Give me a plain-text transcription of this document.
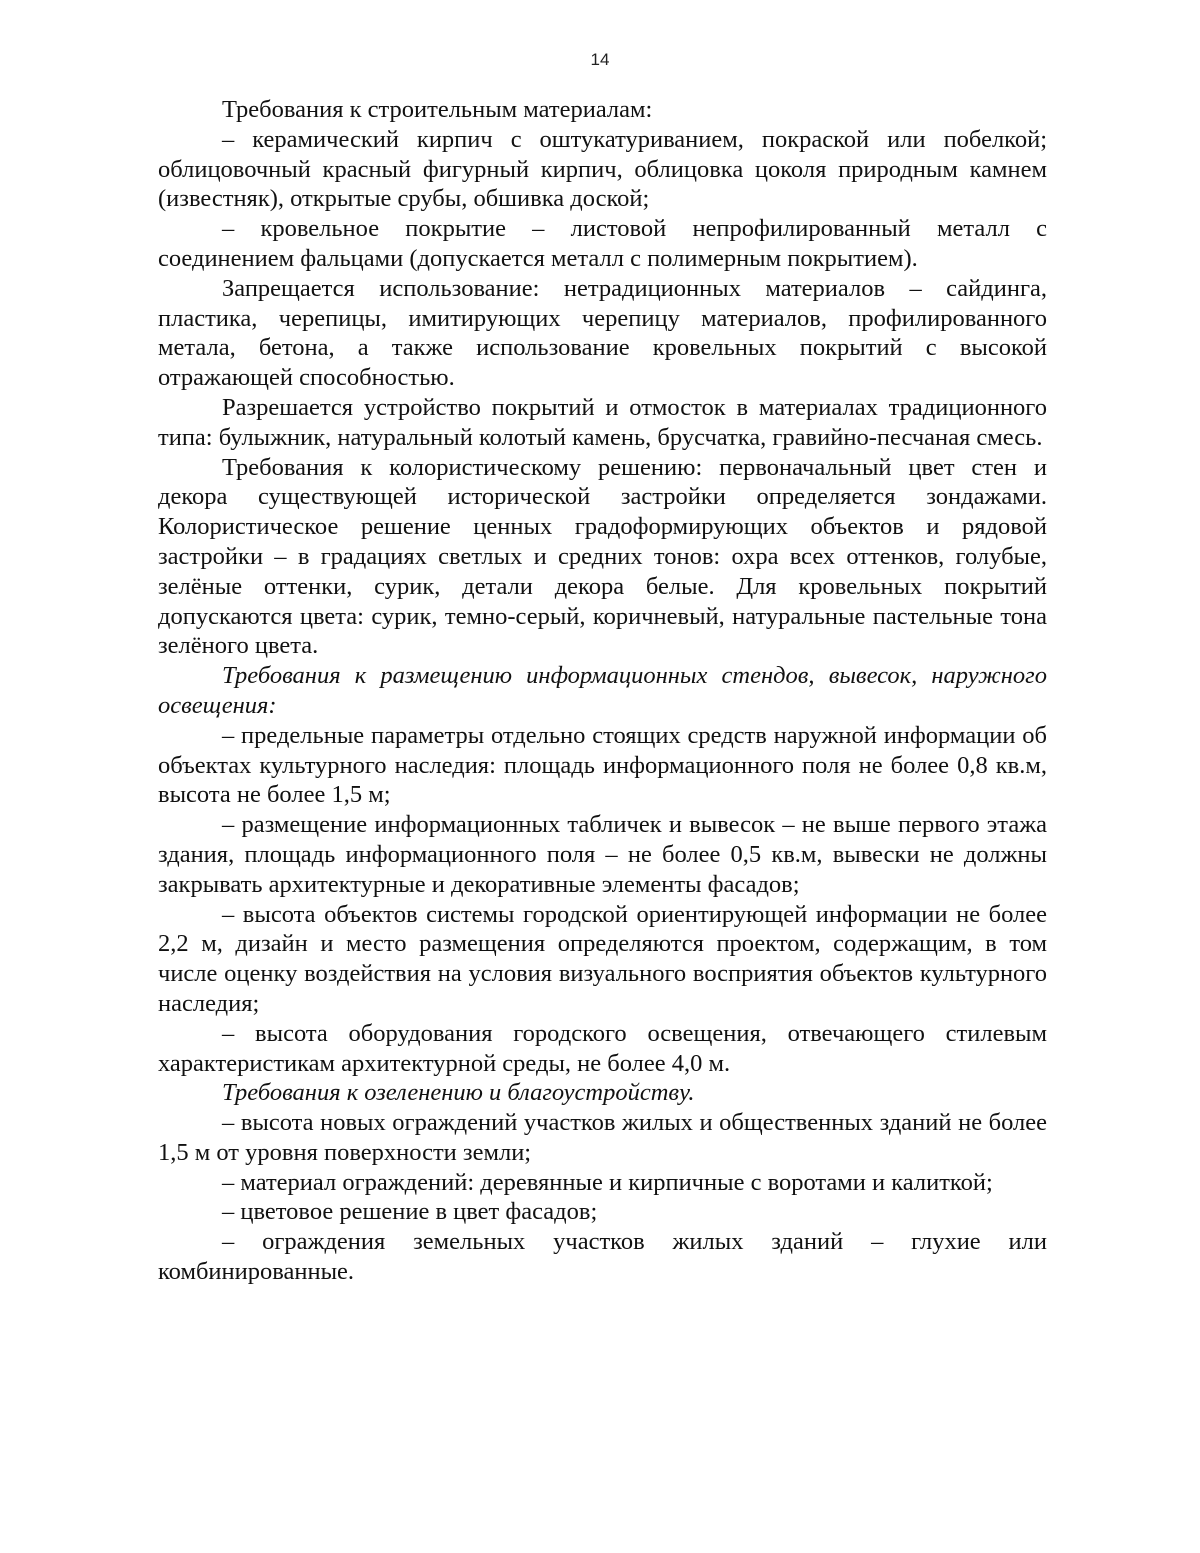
14

Требования к строительным материалам:

– керамический кирпич с оштукатуриванием, покраской или побелкой; облицовочный красный фигурный кирпич, облицовка цоколя природным камнем (известняк), открытые срубы, обшивка доской;

– кровельное покрытие – листовой непрофилированный металл с соединением фальцами (допускается металл с полимерным покрытием).

Запрещается использование: нетрадиционных материалов – сайдинга, пластика, черепицы, имитирующих черепицу материалов, профилированного метала, бетона, а также использование кровельных покрытий с высокой отражающей способностью.

Разрешается устройство покрытий и отмосток в материалах традиционного типа: булыжник, натуральный колотый камень, брусчатка, гравийно-песчаная смесь.

Требования к колористическому решению: первоначальный цвет стен и декора существующей исторической застройки определяется зондажами. Колористическое решение ценных градоформирующих объектов и рядовой застройки – в градациях светлых и средних тонов: охра всех оттенков, голубые, зелёные оттенки, сурик, детали декора белые. Для кровельных покрытий допускаются цвета: сурик, темно-серый, коричневый, натуральные пастельные тона зелёного цвета.

Требования к размещению информационных стендов, вывесок, наружного освещения:

– предельные параметры отдельно стоящих средств наружной информации об объектах культурного наследия: площадь информационного поля не более 0,8 кв.м, высота не более 1,5 м;

– размещение информационных табличек и вывесок – не выше первого этажа здания, площадь информационного поля – не более 0,5 кв.м, вывески не должны закрывать архитектурные и декоративные элементы фасадов;

– высота объектов системы городской ориентирующей информации не более 2,2 м, дизайн и место размещения определяются проектом, содержащим, в том числе оценку воздействия на условия визуального восприятия объектов культурного наследия;

– высота оборудования городского освещения, отвечающего стилевым характеристикам архитектурной среды, не более 4,0 м.

Требования к озеленению и благоустройству.

– высота новых ограждений участков жилых и общественных зданий не более 1,5 м от уровня поверхности земли;

– материал ограждений: деревянные и кирпичные с воротами и калиткой;

– цветовое решение в цвет фасадов;

– ограждения земельных участков жилых зданий – глухие или комбинированные.
